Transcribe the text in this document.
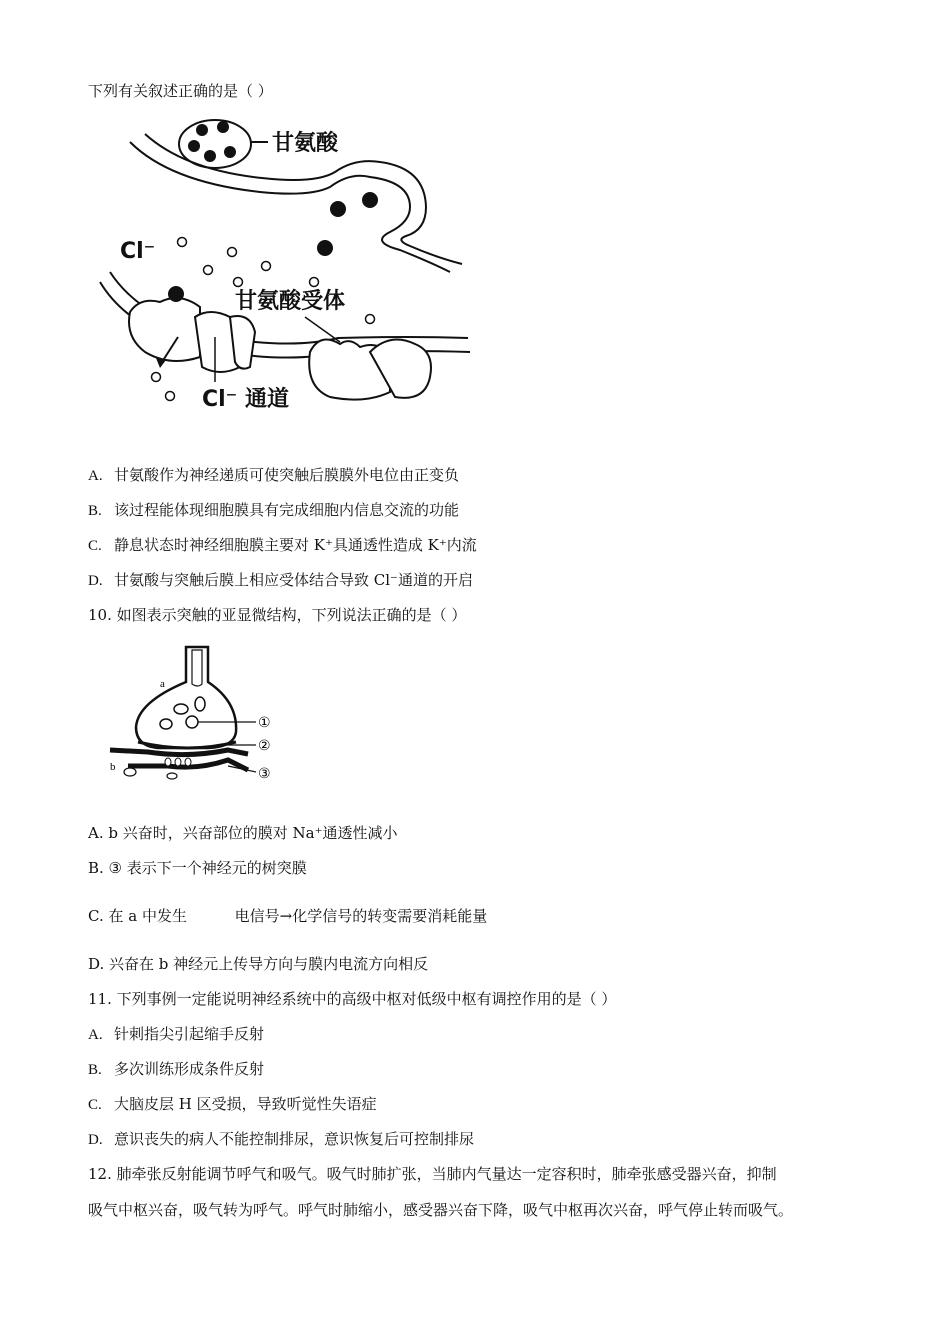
下列有关叙述正确的是（ ）
甘氨酸
Cl⁻
甘氨酸受体
Cl⁻ 通道
A. 甘氨酸作为神经递质可使突触后膜膜外电位由正变负
B. 该过程能体现细胞膜具有完成细胞内信息交流的功能
C. 静息状态时神经细胞膜主要对 K⁺具通透性造成 K⁺内流
D. 甘氨酸与突触后膜上相应受体结合导致 Cl⁻通道的开启
10. 如图表示突触的亚显微结构，下列说法正确的是（ ）
a
①
②
③
b
A. b 兴奋时，兴奋部位的膜对 Na⁺通透性减小
B. ③ 表示下一个神经元的树突膜
C. 在 a 中发生          电信号→化学信号的转变需要消耗能量
D. 兴奋在 b 神经元上传导方向与膜内电流方向相反
11. 下列事例一定能说明神经系统中的高级中枢对低级中枢有调控作用的是（ ）
A. 针刺指尖引起缩手反射
B. 多次训练形成条件反射
C. 大脑皮层 H 区受损，导致听觉性失语症
D. 意识丧失的病人不能控制排尿，意识恢复后可控制排尿
12. 肺牵张反射能调节呼气和吸气。吸气时肺扩张，当肺内气量达一定容积时，肺牵张感受器兴奋，抑制
吸气中枢兴奋，吸气转为呼气。呼气时肺缩小，感受器兴奋下降，吸气中枢再次兴奋，呼气停止转而吸气。
